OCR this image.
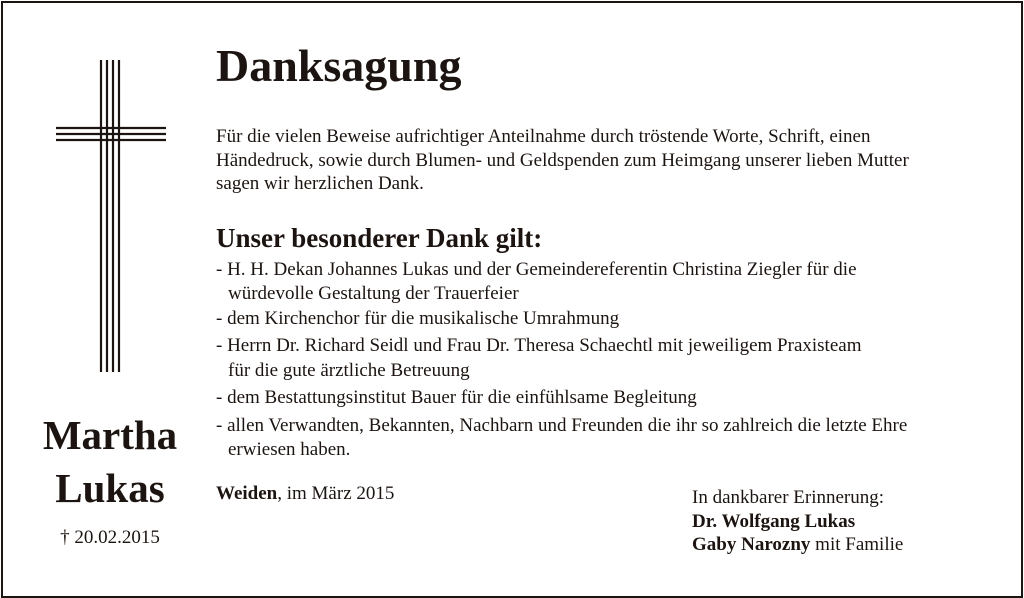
Martha
Lukas
† 20.02.2015
Danksagung
Für die vielen Beweise aufrichtiger Anteilnahme durch tröstende Worte, Schrift, einen
Händedruck, sowie durch Blumen- und Geldspenden zum Heimgang unserer lieben Mutter
sagen wir herzlichen Dank.
Unser besonderer Dank gilt:
- H. H. Dekan Johannes Lukas und der Gemeindereferentin Christina Ziegler für die
würdevolle Gestaltung der Trauerfeier
- dem Kirchenchor für die musikalische Umrahmung
- Herrn Dr. Richard Seidl und Frau Dr. Theresa Schaechtl mit jeweiligem Praxisteam
für die gute ärztliche Betreuung
- dem Bestattungsinstitut Bauer für die einfühlsame Begleitung
- allen Verwandten, Bekannten, Nachbarn und Freunden die ihr so zahlreich die letzte Ehre
erwiesen haben.
Weiden, im März 2015	In dankbarer Erinnerung:
Dr. Wolfgang Lukas
Gaby Narozny mit Familie
